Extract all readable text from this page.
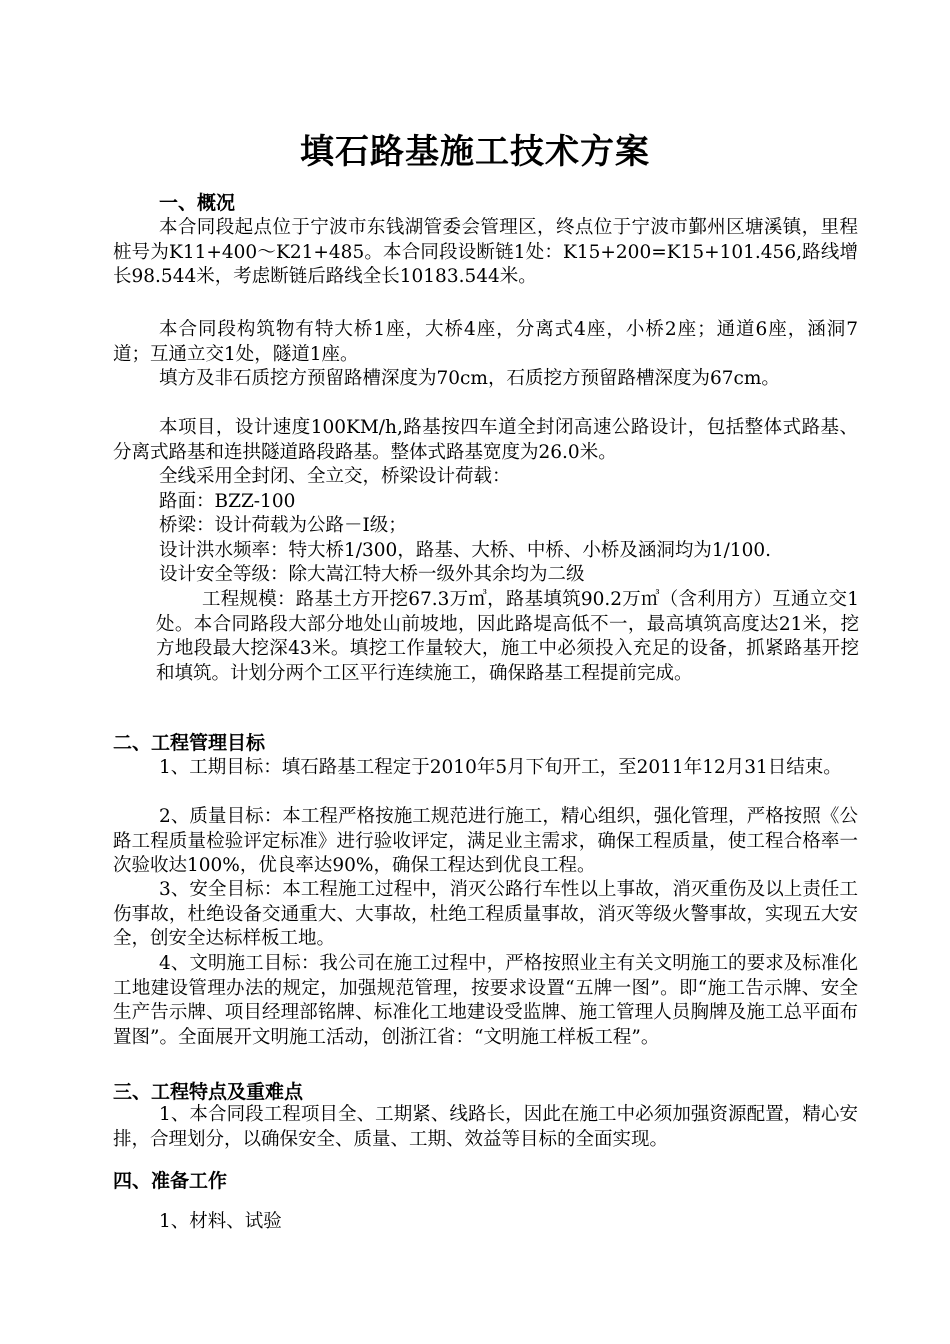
填石路基施工技术方案
一、概况
本合同段起点位于宁波市东钱湖管委会管理区，终点位于宁波市鄞州区塘溪镇，里程桩号为K11+400～K21+485。本合同段设断链1处：K15+200=K15+101.456,路线增长98.544米，考虑断链后路线全长10183.544米。
本合同段构筑物有特大桥1座，大桥4座，分离式4座，小桥2座；通道6座，涵洞7道；互通立交1处，隧道1座。
填方及非石质挖方预留路槽深度为70cm，石质挖方预留路槽深度为67cm。
本项目，设计速度100KM/h,路基按四车道全封闭高速公路设计，包括整体式路基、分离式路基和连拱隧道路段路基。整体式路基宽度为26.0米。
全线采用全封闭、全立交，桥梁设计荷载：
路面：BZZ-100
桥梁：设计荷载为公路－Ⅰ级；
设计洪水频率：特大桥1/300，路基、大桥、中桥、小桥及涵洞均为1/100.
设计安全等级：除大嵩江特大桥一级外其余均为二级
工程规模：路基土方开挖67.3万㎥，路基填筑90.2万㎥（含利用方）互通立交1处。本合同路段大部分地处山前坡地，因此路堤高低不一，最高填筑高度达21米，挖方地段最大挖深43米。填挖工作量较大，施工中必须投入充足的设备，抓紧路基开挖和填筑。计划分两个工区平行连续施工，确保路基工程提前完成。
二、工程管理目标
1、工期目标：填石路基工程定于2010年5月下旬开工，至2011年12月31日结束。
2、质量目标：本工程严格按施工规范进行施工，精心组织，强化管理，严格按照《公路工程质量检验评定标准》进行验收评定，满足业主需求，确保工程质量，使工程合格率一次验收达100%，优良率达90%，确保工程达到优良工程。
3、安全目标：本工程施工过程中，消灭公路行车性以上事故，消灭重伤及以上责任工伤事故，杜绝设备交通重大、大事故，杜绝工程质量事故，消灭等级火警事故，实现五大安全，创安全达标样板工地。
4、文明施工目标：我公司在施工过程中，严格按照业主有关文明施工的要求及标准化工地建设管理办法的规定，加强规范管理，按要求设置“五牌一图”。即“施工告示牌、安全生产告示牌、项目经理部铭牌、标准化工地建设受监牌、施工管理人员胸牌及施工总平面布置图”。全面展开文明施工活动，创浙江省：“文明施工样板工程”。
三、工程特点及重难点
1、本合同段工程项目全、工期紧、线路长，因此在施工中必须加强资源配置，精心安排，合理划分，以确保安全、质量、工期、效益等目标的全面实现。
四、准备工作
1、材料、试验
